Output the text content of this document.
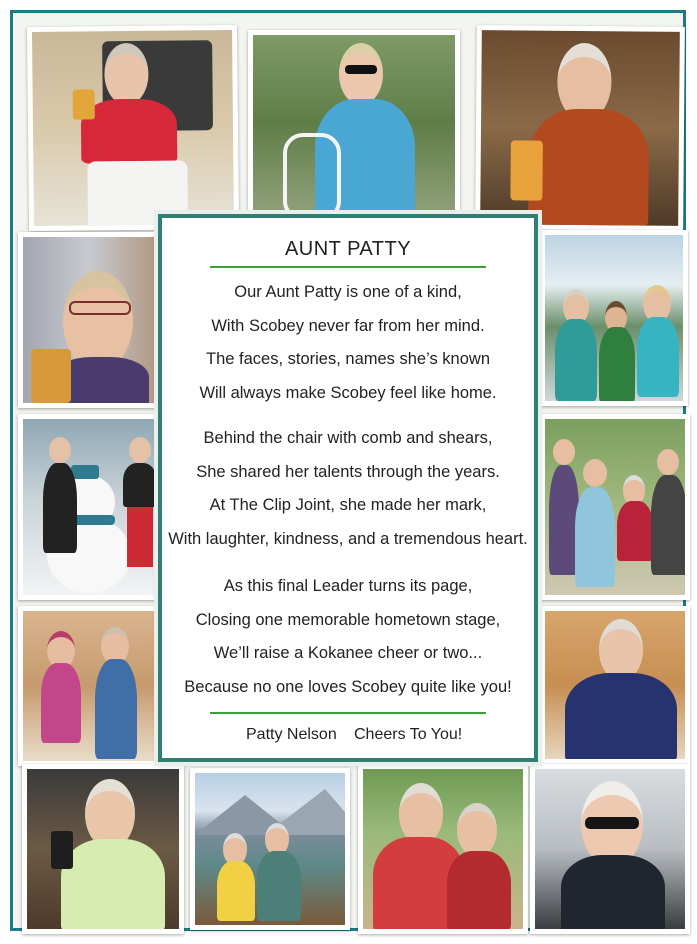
AUNT PATTY
Our Aunt Patty is one of a kind,
With Scobey never far from her mind.
The faces, stories, names she’s known
Will always make Scobey feel like home.
Behind the chair with comb and shears,
She shared her talents through the years.
At The Clip Joint, she made her mark,
With laughter, kindness, and a tremendous heart.
As this final Leader turns its page,
Closing one memorable hometown stage,
We’ll raise a Kokanee cheer or two...
Because no one loves Scobey quite like you!
Patty Nelson Cheers To You!
